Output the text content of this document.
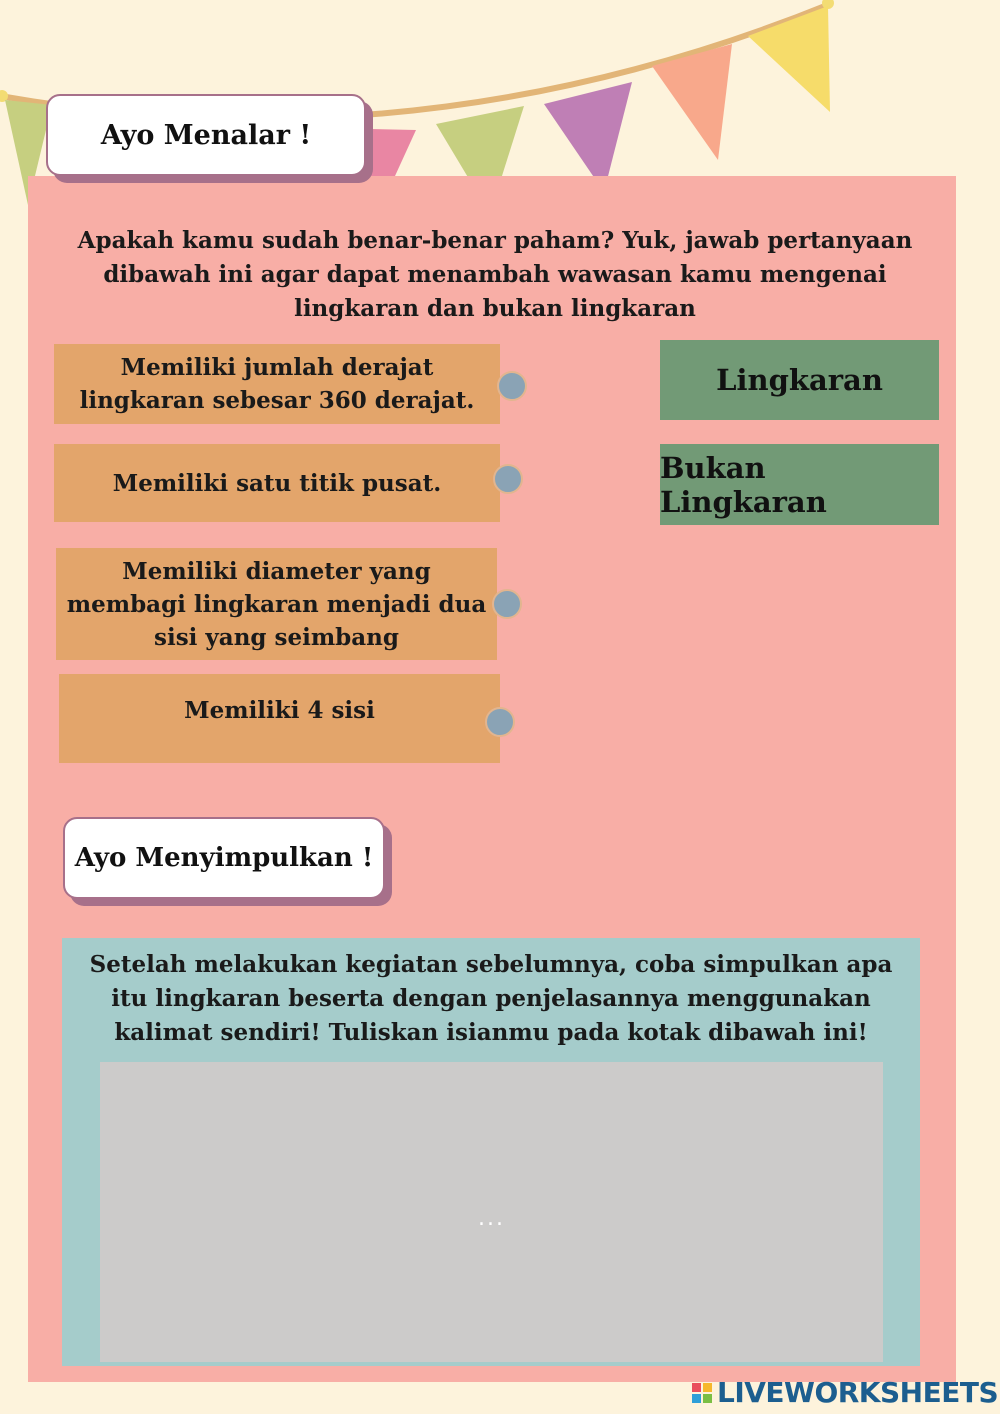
Ayo Menalar !
Apakah kamu sudah benar-benar paham? Yuk, jawab pertanyaan dibawah ini agar dapat menambah wawasan kamu mengenai lingkaran dan bukan lingkaran
Memiliki jumlah derajat lingkaran sebesar 360 derajat.
Memiliki satu titik pusat.
Memiliki diameter yang membagi lingkaran menjadi dua sisi yang seimbang
Memiliki 4 sisi
Lingkaran
Bukan Lingkaran
Ayo Menyimpulkan !
Setelah melakukan kegiatan sebelumnya, coba simpulkan apa itu lingkaran beserta dengan penjelasannya menggunakan kalimat sendiri! Tuliskan isianmu pada kotak dibawah ini!
...
LIVEWORKSHEETS
